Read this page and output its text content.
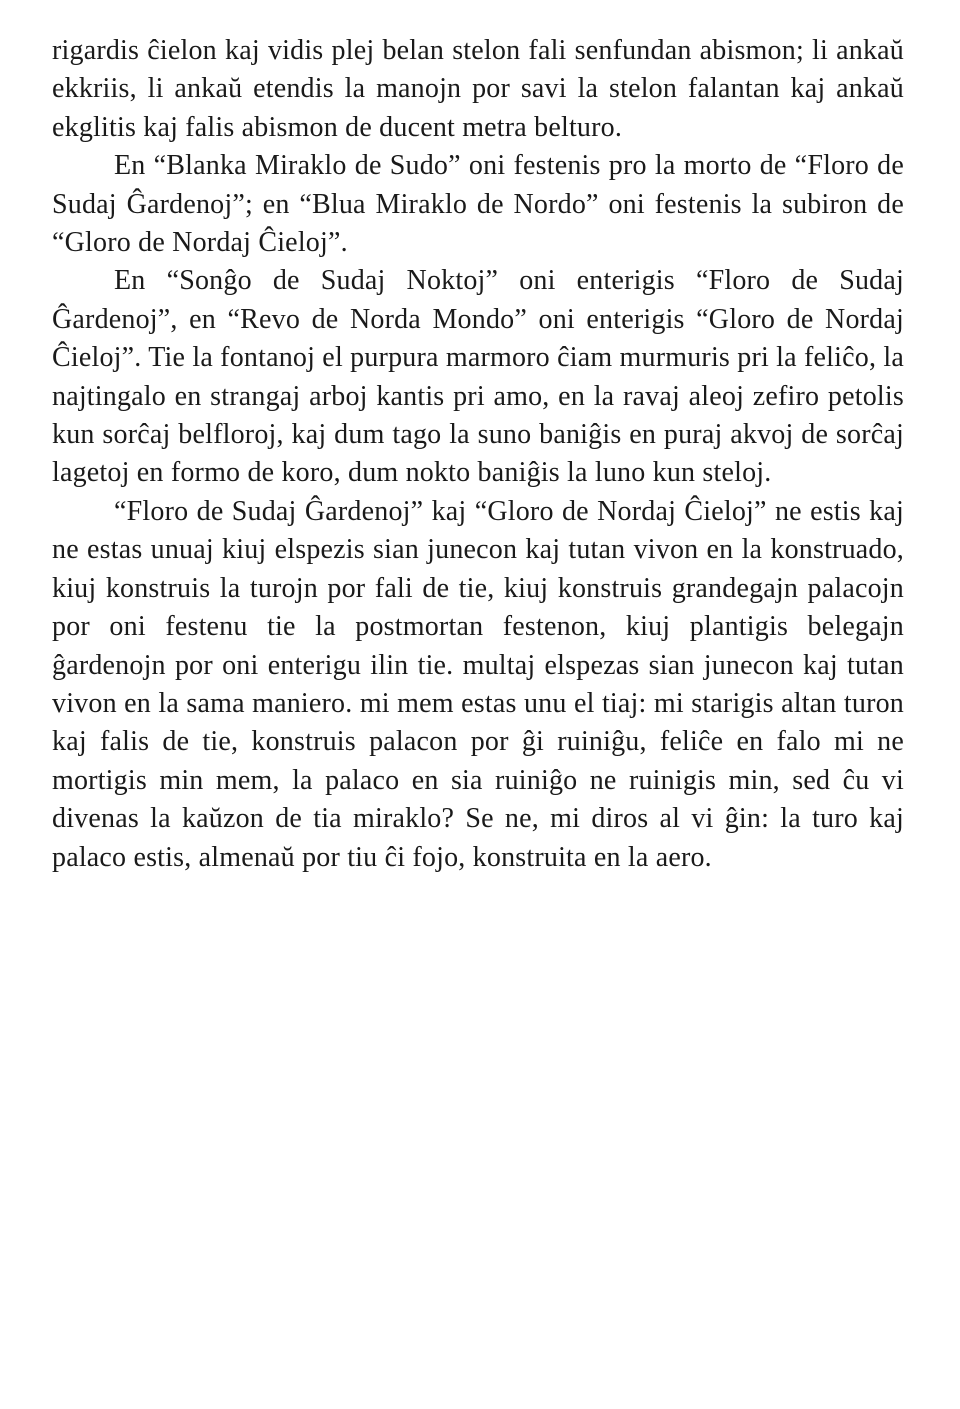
rigardis ĉielon kaj vidis plej belan stelon fali senfundan abismon; li ankaŭ ekkriis, li ankaŭ etendis la manojn por savi la stelon falantan kaj ankaŭ ekglitis kaj falis abismon de ducent metra belturo.

En “Blanka Miraklo de Sudo” oni festenis pro la morto de “Floro de Sudaj Ĝardenoj”; en “Blua Miraklo de Nordo” oni festenis la subiron de “Gloro de Nordaj Ĉieloj”.

En “Sonĝo de Sudaj Noktoj” oni enterigis “Floro de Sudaj Ĝardenoj”, en “Revo de Norda Mondo” oni enterigis “Gloro de Nordaj Ĉieloj”. Tie la fontanoj el purpura marmoro ĉiam murmuris pri la feliĉo, la najtingalo en strangaj arboj kantis pri amo, en la ravaj aleoj zefiro petolis kun sorĉaj belfloroj, kaj dum tago la suno baniĝis en puraj akvoj de sorĉaj lagetoj en formo de koro, dum nokto baniĝis la luno kun steloj.

“Floro de Sudaj Ĝardenoj” kaj “Gloro de Nordaj Ĉieloj” ne estis kaj ne estas unuaj kiuj elspezis sian junecon kaj tutan vivon en la konstruado, kiuj konstruis la turojn por fali de tie, kiuj konstruis grandegajn palacojn por oni festenu tie la postmortan festenon, kiuj plantigis belegajn ĝardenojn por oni enterigu ilin tie. multaj elspezas sian junecon kaj tutan vivon en la sama maniero. mi mem estas unu el tiaj: mi starigis altan turon kaj falis de tie, konstruis palacon por ĝi ruiniĝu, feliĉe en falo mi ne mortigis min mem, la palaco en sia ruiniĝo ne ruinigis min, sed ĉu vi divenas la kaŭzon de tia miraklo? Se ne, mi diros al vi ĝin: la turo kaj palaco estis, almenaŭ por tiu ĉi fojo, konstruita en la aero.
